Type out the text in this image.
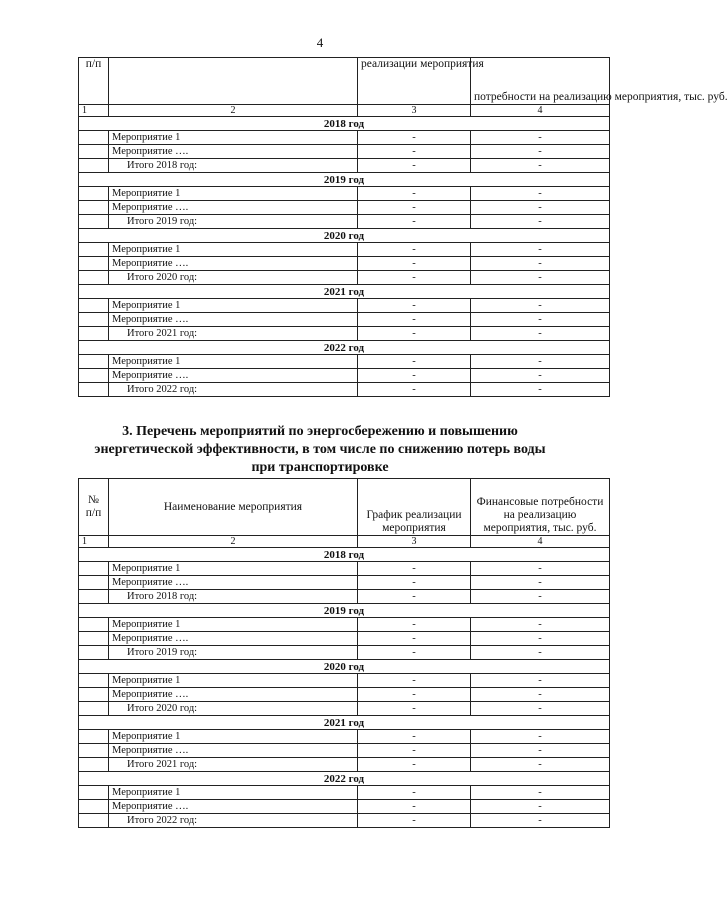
4
п/п		реализации мероприятия	потребности на реализацию мероприятия, тыс. руб.
1	2	3	4
2018 год			
	Мероприятие 1	-	-
	Мероприятие ….	-	-
	Итого 2018 год:	-	-
2019 год			
	Мероприятие 1	-	-
	Мероприятие ….	-	-
	Итого 2019 год:	-	-
2020 год			
	Мероприятие 1	-	-
	Мероприятие ….	-	-
	Итого 2020 год:	-	-
2021 год			
	Мероприятие 1	-	-
	Мероприятие ….	-	-
	Итого 2021 год:	-	-
2022 год			
	Мероприятие 1	-	-
	Мероприятие ….	-	-
	Итого 2022 год:	-	-
3. Перечень мероприятий по энергосбережению и повышению
энергетической эффективности, в том числе по снижению потерь воды
при транспортировке
№
п/п	Наименование мероприятия	График реализации мероприятия	Финансовые потребности на реализацию мероприятия, тыс. руб.
1	2	3	4
2018 год			
	Мероприятие 1	-	-
	Мероприятие ….	-	-
	Итого 2018 год:	-	-
2019 год			
	Мероприятие 1	-	-
	Мероприятие ….	-	-
	Итого 2019 год:	-	-
2020 год			
	Мероприятие 1	-	-
	Мероприятие ….	-	-
	Итого 2020 год:	-	-
2021 год			
	Мероприятие 1	-	-
	Мероприятие ….	-	-
	Итого 2021 год:	-	-
2022 год			
	Мероприятие 1	-	-
	Мероприятие ….	-	-
	Итого 2022 год:	-	-
